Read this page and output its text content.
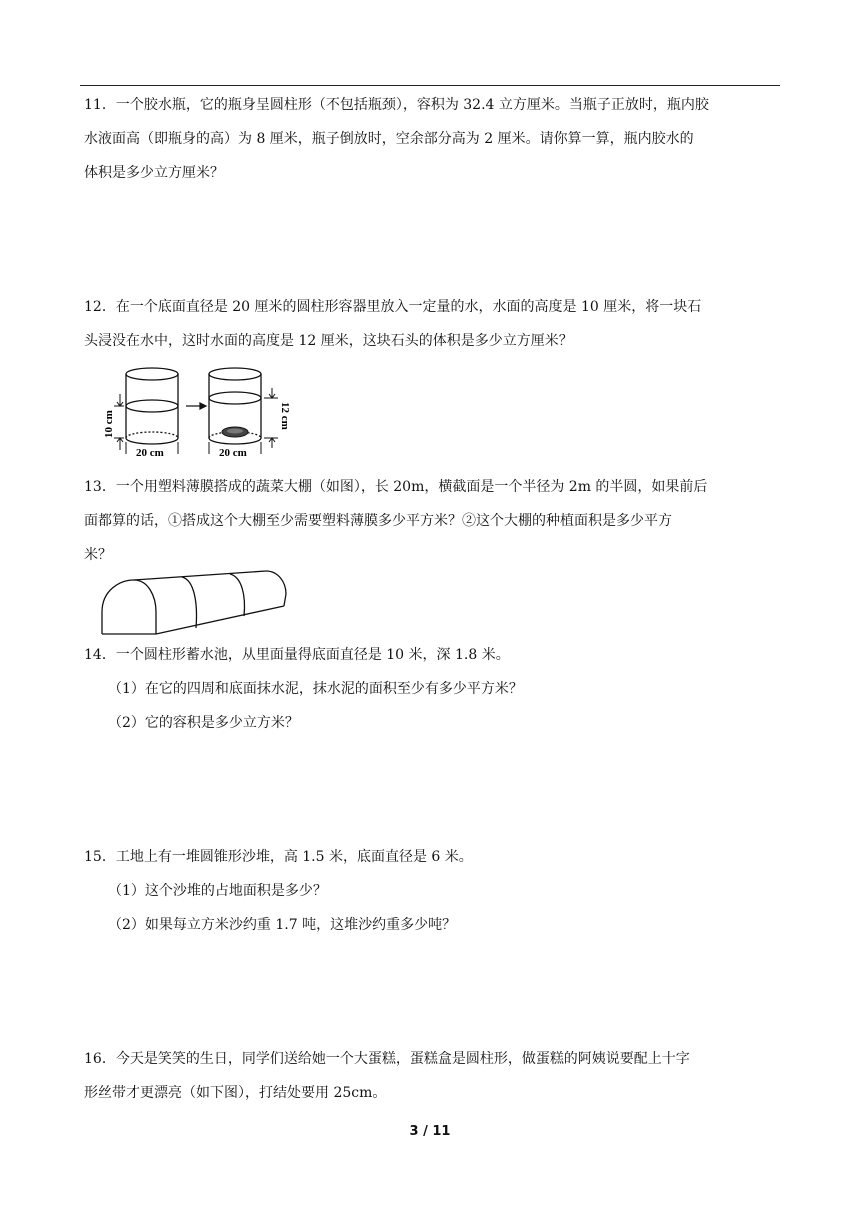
11．一个胶水瓶，它的瓶身呈圆柱形（不包括瓶颈），容积为 32.4 立方厘米。当瓶子正放时，瓶内胶
水液面高（即瓶身的高）为 8 厘米，瓶子倒放时，空余部分高为 2 厘米。请你算一算，瓶内胶水的
体积是多少立方厘米？
12．在一个底面直径是 20 厘米的圆柱形容器里放入一定量的水，水面的高度是 10 厘米，将一块石
头浸没在水中，这时水面的高度是 12 厘米，这块石头的体积是多少立方厘米？
10 cm
20 cm
12 cm
20 cm
13．一个用塑料薄膜搭成的蔬菜大棚（如图），长 20m，横截面是一个半径为 2m 的半圆，如果前后
面都算的话，①搭成这个大棚至少需要塑料薄膜多少平方米？②这个大棚的种植面积是多少平方
米？
14．一个圆柱形蓄水池，从里面量得底面直径是 10 米，深 1.8 米。
（1）在它的四周和底面抹水泥，抹水泥的面积至少有多少平方米？
（2）它的容积是多少立方米？
15．工地上有一堆圆锥形沙堆，高 1.5 米，底面直径是 6 米。
（1）这个沙堆的占地面积是多少？
（2）如果每立方米沙约重 1.7 吨，这堆沙约重多少吨？
16．今天是笑笑的生日，同学们送给她一个大蛋糕，蛋糕盒是圆柱形，做蛋糕的阿姨说要配上十字
形丝带才更漂亮（如下图），打结处要用 25cm。
3 / 11
